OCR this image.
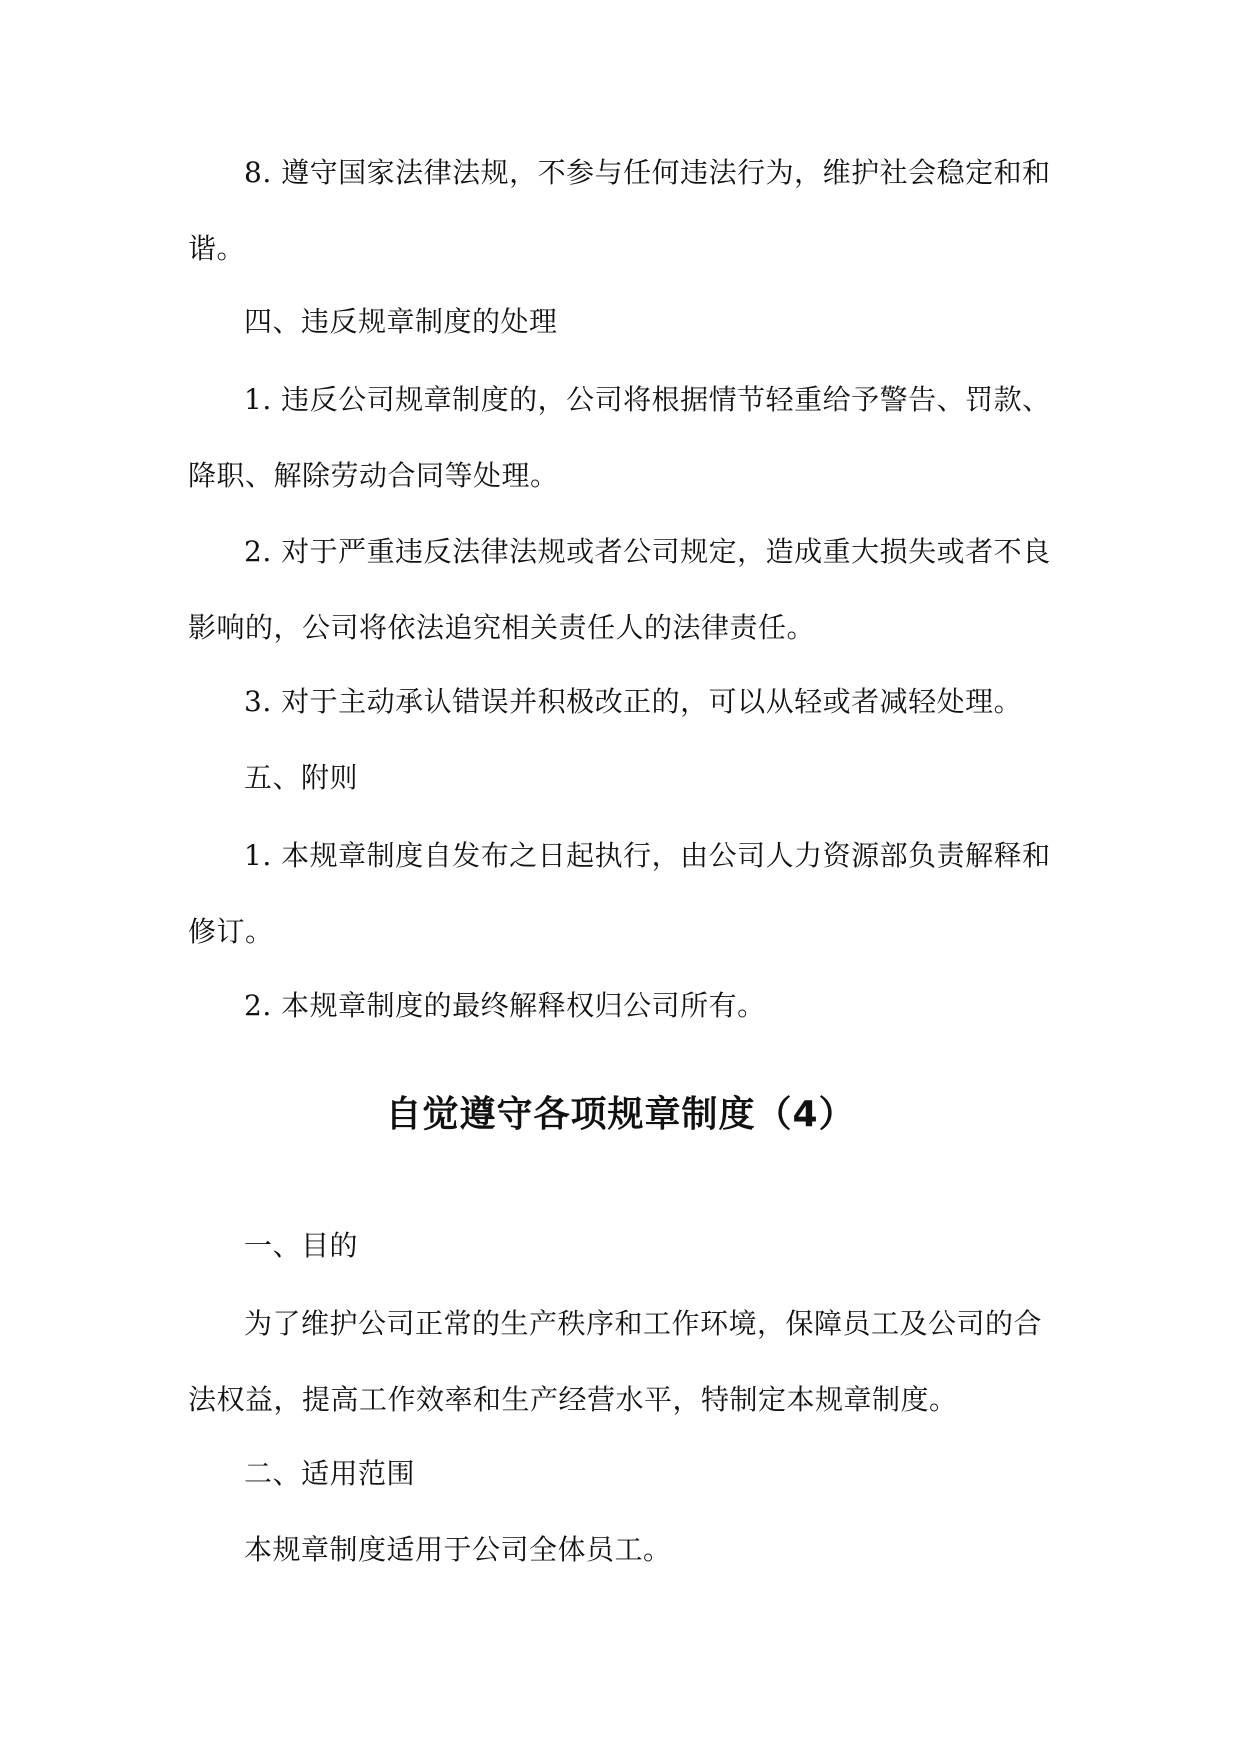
8. 遵守国家法律法规，不参与任何违法行为，维护社会稳定和和谐。

四、违反规章制度的处理

1. 违反公司规章制度的，公司将根据情节轻重给予警告、罚款、降职、解除劳动合同等处理。

2. 对于严重违反法律法规或者公司规定，造成重大损失或者不良影响的，公司将依法追究相关责任人的法律责任。

3. 对于主动承认错误并积极改正的，可以从轻或者减轻处理。

五、附则

1. 本规章制度自发布之日起执行，由公司人力资源部负责解释和修订。

2. 本规章制度的最终解释权归公司所有。

自觉遵守各项规章制度（4）

一、目的

为了维护公司正常的生产秩序和工作环境，保障员工及公司的合法权益，提高工作效率和生产经营水平，特制定本规章制度。

二、适用范围

本规章制度适用于公司全体员工。
